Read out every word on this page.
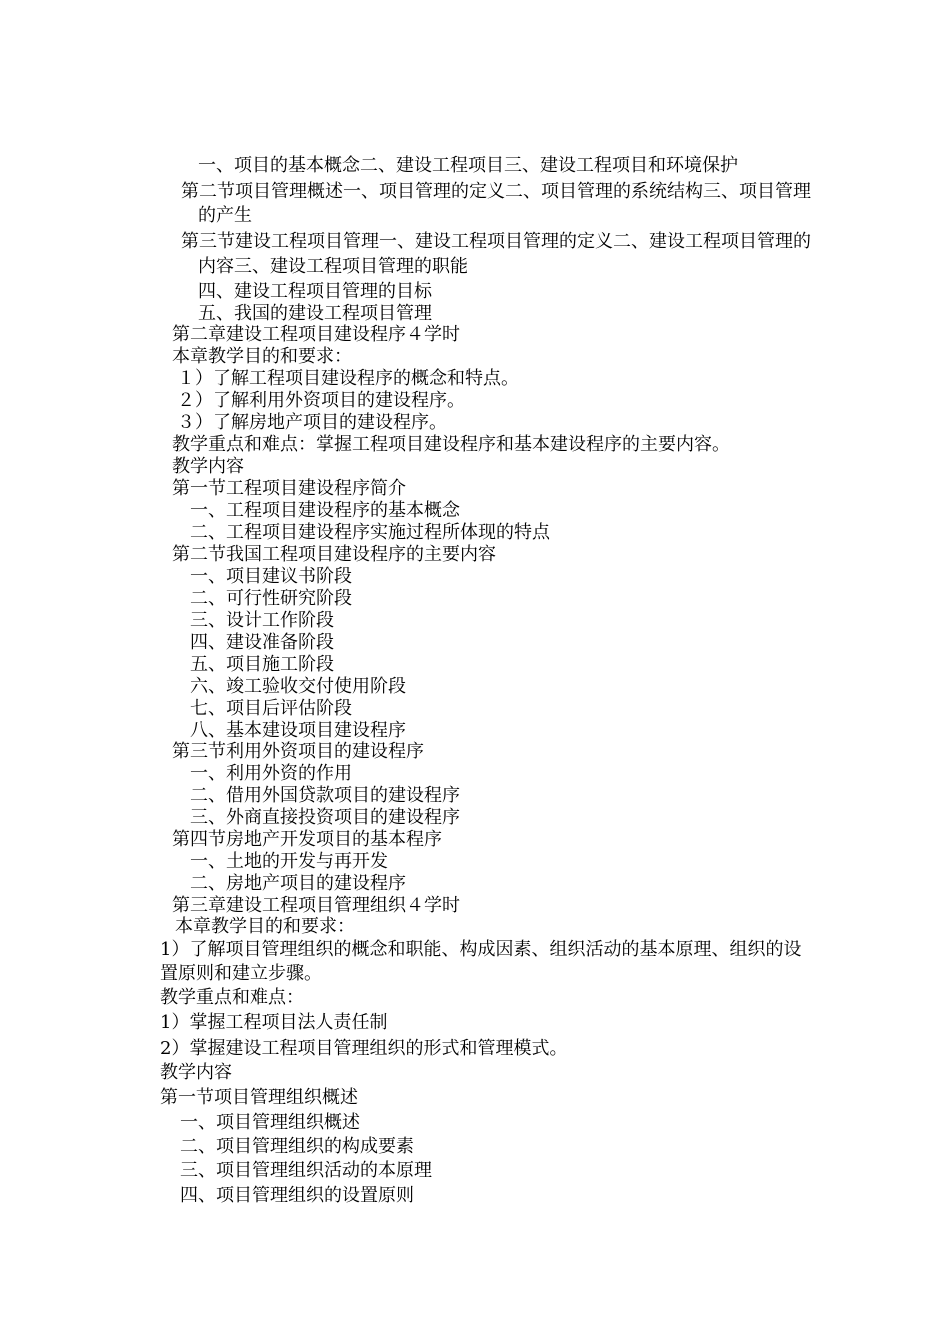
一、项目的基本概念二、建设工程项目三、建设工程项目和环境保护
第二节项目管理概述一、项目管理的定义二、项目管理的系统结构三、项目管理
的产生
第三节建设工程项目管理一、建设工程项目管理的定义二、建设工程项目管理的
内容三、建设工程项目管理的职能
四、建设工程项目管理的目标
五、我国的建设工程项目管理
第二章建设工程项目建设程序４学时
本章教学目的和要求：
１）了解工程项目建设程序的概念和特点。
２）了解利用外资项目的建设程序。
３）了解房地产项目的建设程序。
教学重点和难点：掌握工程项目建设程序和基本建设程序的主要内容。
教学内容
第一节工程项目建设程序简介
一、工程项目建设程序的基本概念
二、工程项目建设程序实施过程所体现的特点
第二节我国工程项目建设程序的主要内容
一、项目建议书阶段
二、可行性研究阶段
三、设计工作阶段
四、建设准备阶段
五、项目施工阶段
六、竣工验收交付使用阶段
七、项目后评估阶段
八、基本建设项目建设程序
第三节利用外资项目的建设程序
一、利用外资的作用
二、借用外国贷款项目的建设程序
三、外商直接投资项目的建设程序
第四节房地产开发项目的基本程序
一、土地的开发与再开发
二、房地产项目的建设程序
第三章建设工程项目管理组织４学时
本章教学目的和要求：
1）了解项目管理组织的概念和职能、构成因素、组织活动的基本原理、组织的设
置原则和建立步骤。
教学重点和难点：
1）掌握工程项目法人责任制
2）掌握建设工程项目管理组织的形式和管理模式。
教学内容
第一节项目管理组织概述
一、项目管理组织概述
二、项目管理组织的构成要素
三、项目管理组织活动的本原理
四、项目管理组织的设置原则
